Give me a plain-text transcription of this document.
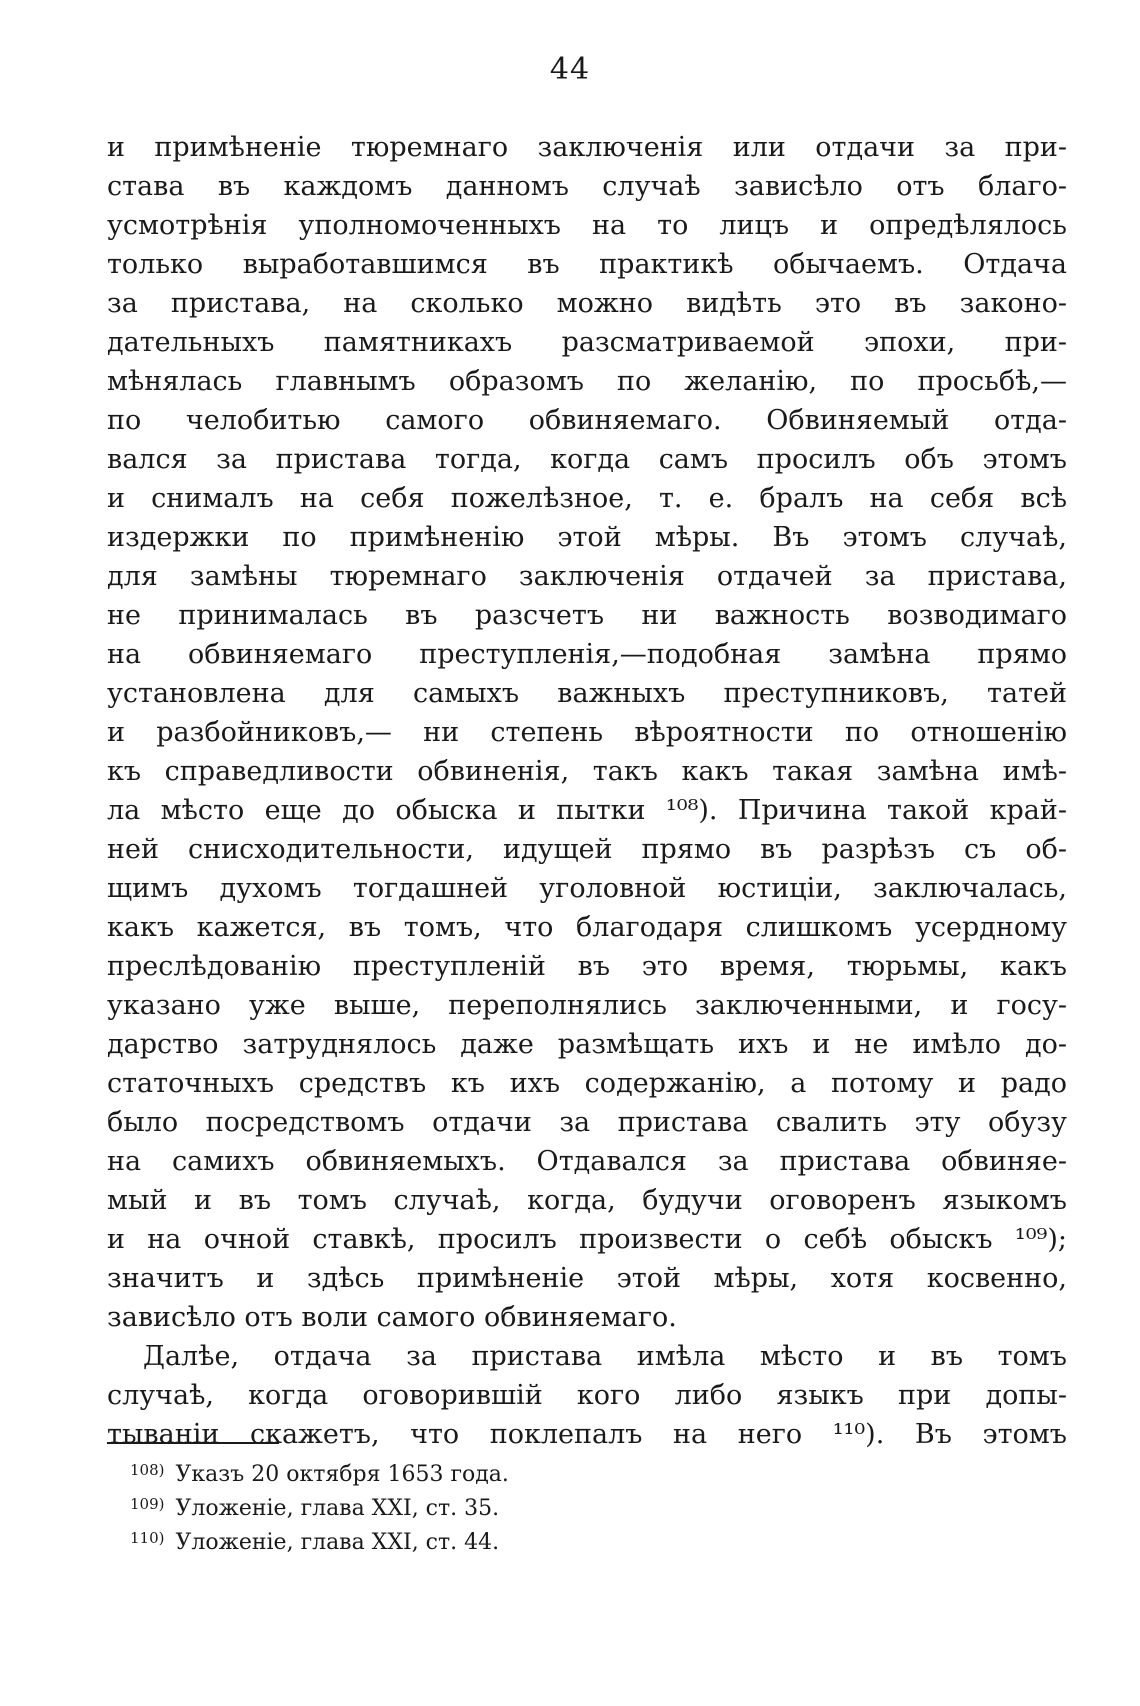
44
и примѣненіе тюремнаго заключенія или отдачи за при-
става въ каждомъ данномъ случаѣ зависѣло отъ благо-
усмотрѣнія уполномоченныхъ на то лицъ и опредѣлялось
только выработавшимся въ практикѣ обычаемъ. Отдача
за пристава, на сколько можно видѣть это въ законо-
дательныхъ памятникахъ разсматриваемой эпохи, при-
мѣнялась главнымъ образомъ по желанію, по просьбѣ,—
по челобитью самого обвиняемаго. Обвиняемый отда-
вался за пристава тогда, когда самъ просилъ объ этомъ
и снималъ на себя пожелѣзное, т. е. бралъ на себя всѣ
издержки по примѣненію этой мѣры. Въ этомъ случаѣ,
для замѣны тюремнаго заключенія отдачей за пристава,
не принималась въ разсчетъ ни важность возводимаго
на обвиняемаго преступленія,—подобная замѣна прямо
установлена для самыхъ важныхъ преступниковъ, татей
и разбойниковъ,— ни степень вѣроятности по отношенію
къ справедливости обвиненія, такъ какъ такая замѣна имѣ-
ла мѣсто еще до обыска и пытки ¹⁰⁸). Причина такой край-
ней снисходительности, идущей прямо въ разрѣзъ съ об-
щимъ духомъ тогдашней уголовной юстиціи, заключалась,
какъ кажется, въ томъ, что благодаря слишкомъ усердному
преслѣдованію преступленій въ это время, тюрьмы, какъ
указано уже выше, переполнялись заключенными, и госу-
дарство затруднялось даже размѣщать ихъ и не имѣло до-
статочныхъ средствъ къ ихъ содержанію, а потому и радо
было посредствомъ отдачи за пристава свалить эту обузу
на самихъ обвиняемыхъ. Отдавался за пристава обвиняе-
мый и въ томъ случаѣ, когда, будучи оговоренъ языкомъ
и на очной ставкѣ, просилъ произвести о себѣ обыскъ ¹⁰⁹);
значитъ и здѣсь примѣненіе этой мѣры, хотя косвенно,
зависѣло отъ воли самого обвиняемаго.
Далѣе, отдача за пристава имѣла мѣсто и въ томъ
случаѣ, когда оговорившій кого либо языкъ при допы-
тываніи скажетъ, что поклепалъ на него ¹¹⁰). Въ этомъ
108) Указъ 20 октября 1653 года.
109) Уложеніе, глава XXI, ст. 35.
110) Уложеніе, глава XXI, ст. 44.
